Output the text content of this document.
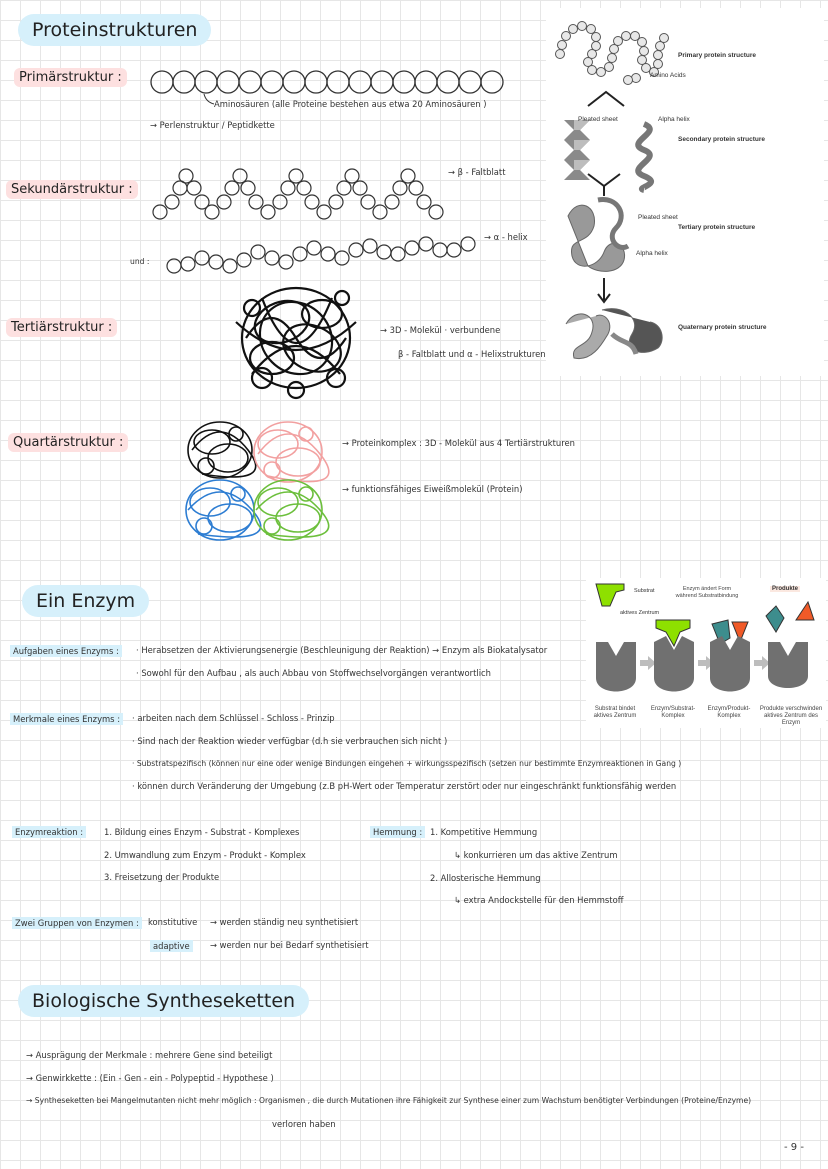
Proteinstrukturen
Primärstruktur :
Aminosäuren (alle Proteine bestehen aus etwa 20 Aminosäuren )
→ Perlenstruktur / Peptidkette
Sekundärstruktur :
→ β - Faltblatt
und :
→ α - helix
Tertiärstruktur :	→ 3D - Molekül · verbundene
β - Faltblatt und α - Helixstrukturen
Quartärstruktur :	→ Proteinkomplex : 3D - Molekül aus 4 Tertiärstrukturen
→ funktionsfähiges Eiweißmolekül (Protein)
Primary protein structure
Amino Acids
Pleated sheet	Alpha helix
Secondary protein structure
Pleated sheet
Tertiary protein structure
Alpha helix
Quaternary protein structure
Ein Enzym
Aufgaben eines Enzyms :	· Herabsetzen der Aktivierungsenergie (Beschleunigung der Reaktion) → Enzym als Biokatalysator
· Sowohl für den Aufbau , als auch Abbau von Stoffwechselvorgängen verantwortlich
Merkmale eines Enzyms :	· arbeiten nach dem Schlüssel - Schloss - Prinzip
· Sind nach der Reaktion wieder verfügbar (d.h sie verbrauchen sich nicht )
· Substratspezifisch (können nur eine oder wenige Bindungen eingehen + wirkungsspezifisch (setzen nur bestimmte Enzymreaktionen in Gang )
· können durch Veränderung der Umgebung (z.B pH-Wert oder Temperatur zerstört oder nur eingeschränkt funktionsfähig werden
Enzymreaktion :	1. Bildung eines Enzym - Substrat - Komplexes
2. Umwandlung zum Enzym - Produkt - Komplex
3. Freisetzung der Produkte
Hemmung : 1. Kompetitive Hemmung
↳ konkurrieren um das aktive Zentrum
2. Allosterische Hemmung
↳ extra Andockstelle für den Hemmstoff
Zwei Gruppen von Enzymen :	konstitutive → werden ständig neu synthetisiert
adaptive	→ werden nur bei Bedarf synthetisiert
Substrat
aktives Zentrum
Enzym ändert Form
während Substratbindung
Produkte
Substrat bindet
aktives Zentrum
Enzym/Substrat-
Komplex
Enzym/Produkt-
Komplex
Produkte verschwinden
aktives Zentrum des Enzym
Biologische Syntheseketten
→ Ausprägung der Merkmale : mehrere Gene sind beteiligt
→ Genwirkkette : (Ein - Gen - ein - Polypeptid - Hypothese )
→ Syntheseketten bei Mangelmutanten nicht mehr möglich : Organismen , die durch Mutationen ihre Fähigkeit zur Synthese einer zum Wachstum benötigter Verbindungen (Proteine/Enzyme)
verloren haben
- 9 -
